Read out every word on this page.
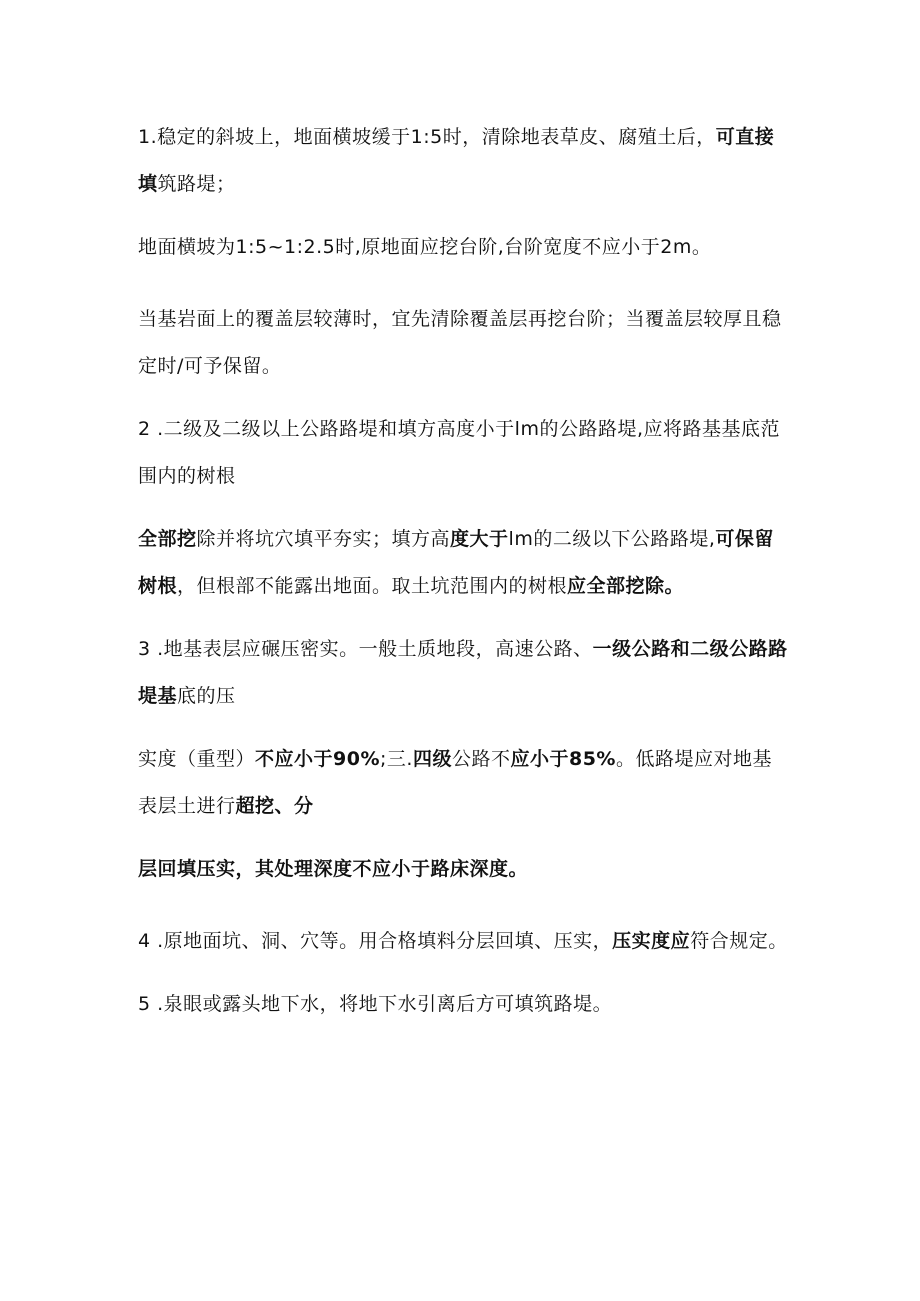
1.稳定的斜坡上，地面横坡缓于1:5时，清除地表草皮、腐殖土后，可直接填筑路堤；

地面横坡为1:5~1:2.5时,原地面应挖台阶,台阶宽度不应小于2m。

当基岩面上的覆盖层较薄时，宜先清除覆盖层再挖台阶；当覆盖层较厚且稳定时/可予保留。

2 .二级及二级以上公路路堤和填方高度小于lm的公路路堤,应将路基基底范围内的树根

全部挖除并将坑穴填平夯实；填方高度大于lm的二级以下公路路堤,可保留树根，但根部不能露出地面。取土坑范围内的树根应全部挖除。

3 .地基表层应碾压密实。一般土质地段，高速公路、一级公路和二级公路路堤基底的压

实度（重型）不应小于90%;三.四级公路不应小于85%。低路堤应对地基表层土进行超挖、分

层回填压实，其处理深度不应小于路床深度。

4 .原地面坑、洞、穴等。用合格填料分层回填、压实，压实度应符合规定。

5 .泉眼或露头地下水，将地下水引离后方可填筑路堤。
